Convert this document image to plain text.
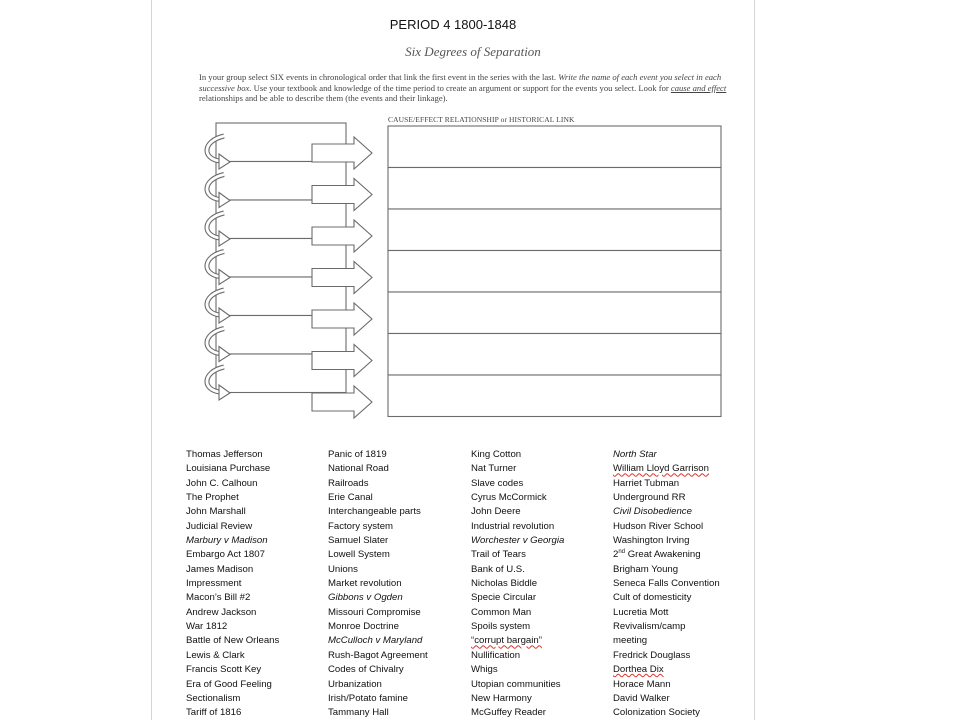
PERIOD 4 1800-1848
Six Degrees of Separation
In your group select SIX events in chronological order that link the first event in the series with the last. Write the name of each event you select in each successive box. Use your textbook and knowledge of the time period to create an argument or support for the events you select. Look for cause and effect relationships and be able to describe them (the events and their linkage).
CAUSE/EFFECT RELATIONSHIP or HISTORICAL LINK
Thomas Jefferson
Louisiana Purchase
John C. Calhoun
The Prophet
John Marshall
Judicial Review
Marbury v Madison
Embargo Act 1807
James Madison
Impressment
Macon’s Bill #2
Andrew Jackson
War 1812
Battle of New Orleans
Lewis & Clark
Francis Scott Key
Era of Good Feeling
Sectionalism
Tariff of 1816
Panic of 1819
National Road
Railroads
Erie Canal
Interchangeable parts
Factory system
Samuel Slater
Lowell System
Unions
Market revolution
Gibbons v Ogden
Missouri Compromise
Monroe Doctrine
McCulloch v Maryland
Rush-Bagot Agreement
Codes of Chivalry
Urbanization
Irish/Potato famine
Tammany Hall
King Cotton
Nat Turner
Slave codes
Cyrus McCormick
John Deere
Industrial revolution
Worchester v Georgia
Trail of Tears
Bank of U.S.
Nicholas Biddle
Specie Circular
Common Man
Spoils system
“corrupt bargain”
Nullification
Whigs
Utopian communities
New Harmony
McGuffey Reader
North Star
William Lloyd Garrison
Harriet Tubman
Underground RR
Civil Disobedience
Hudson River School
Washington Irving
2nd Great Awakening
Brigham Young
Seneca Falls Convention
Cult of domesticity
Lucretia Mott
Revivalism/camp
meeting
Fredrick Douglass
Dorthea Dix
Horace Mann
David Walker
Colonization Society
